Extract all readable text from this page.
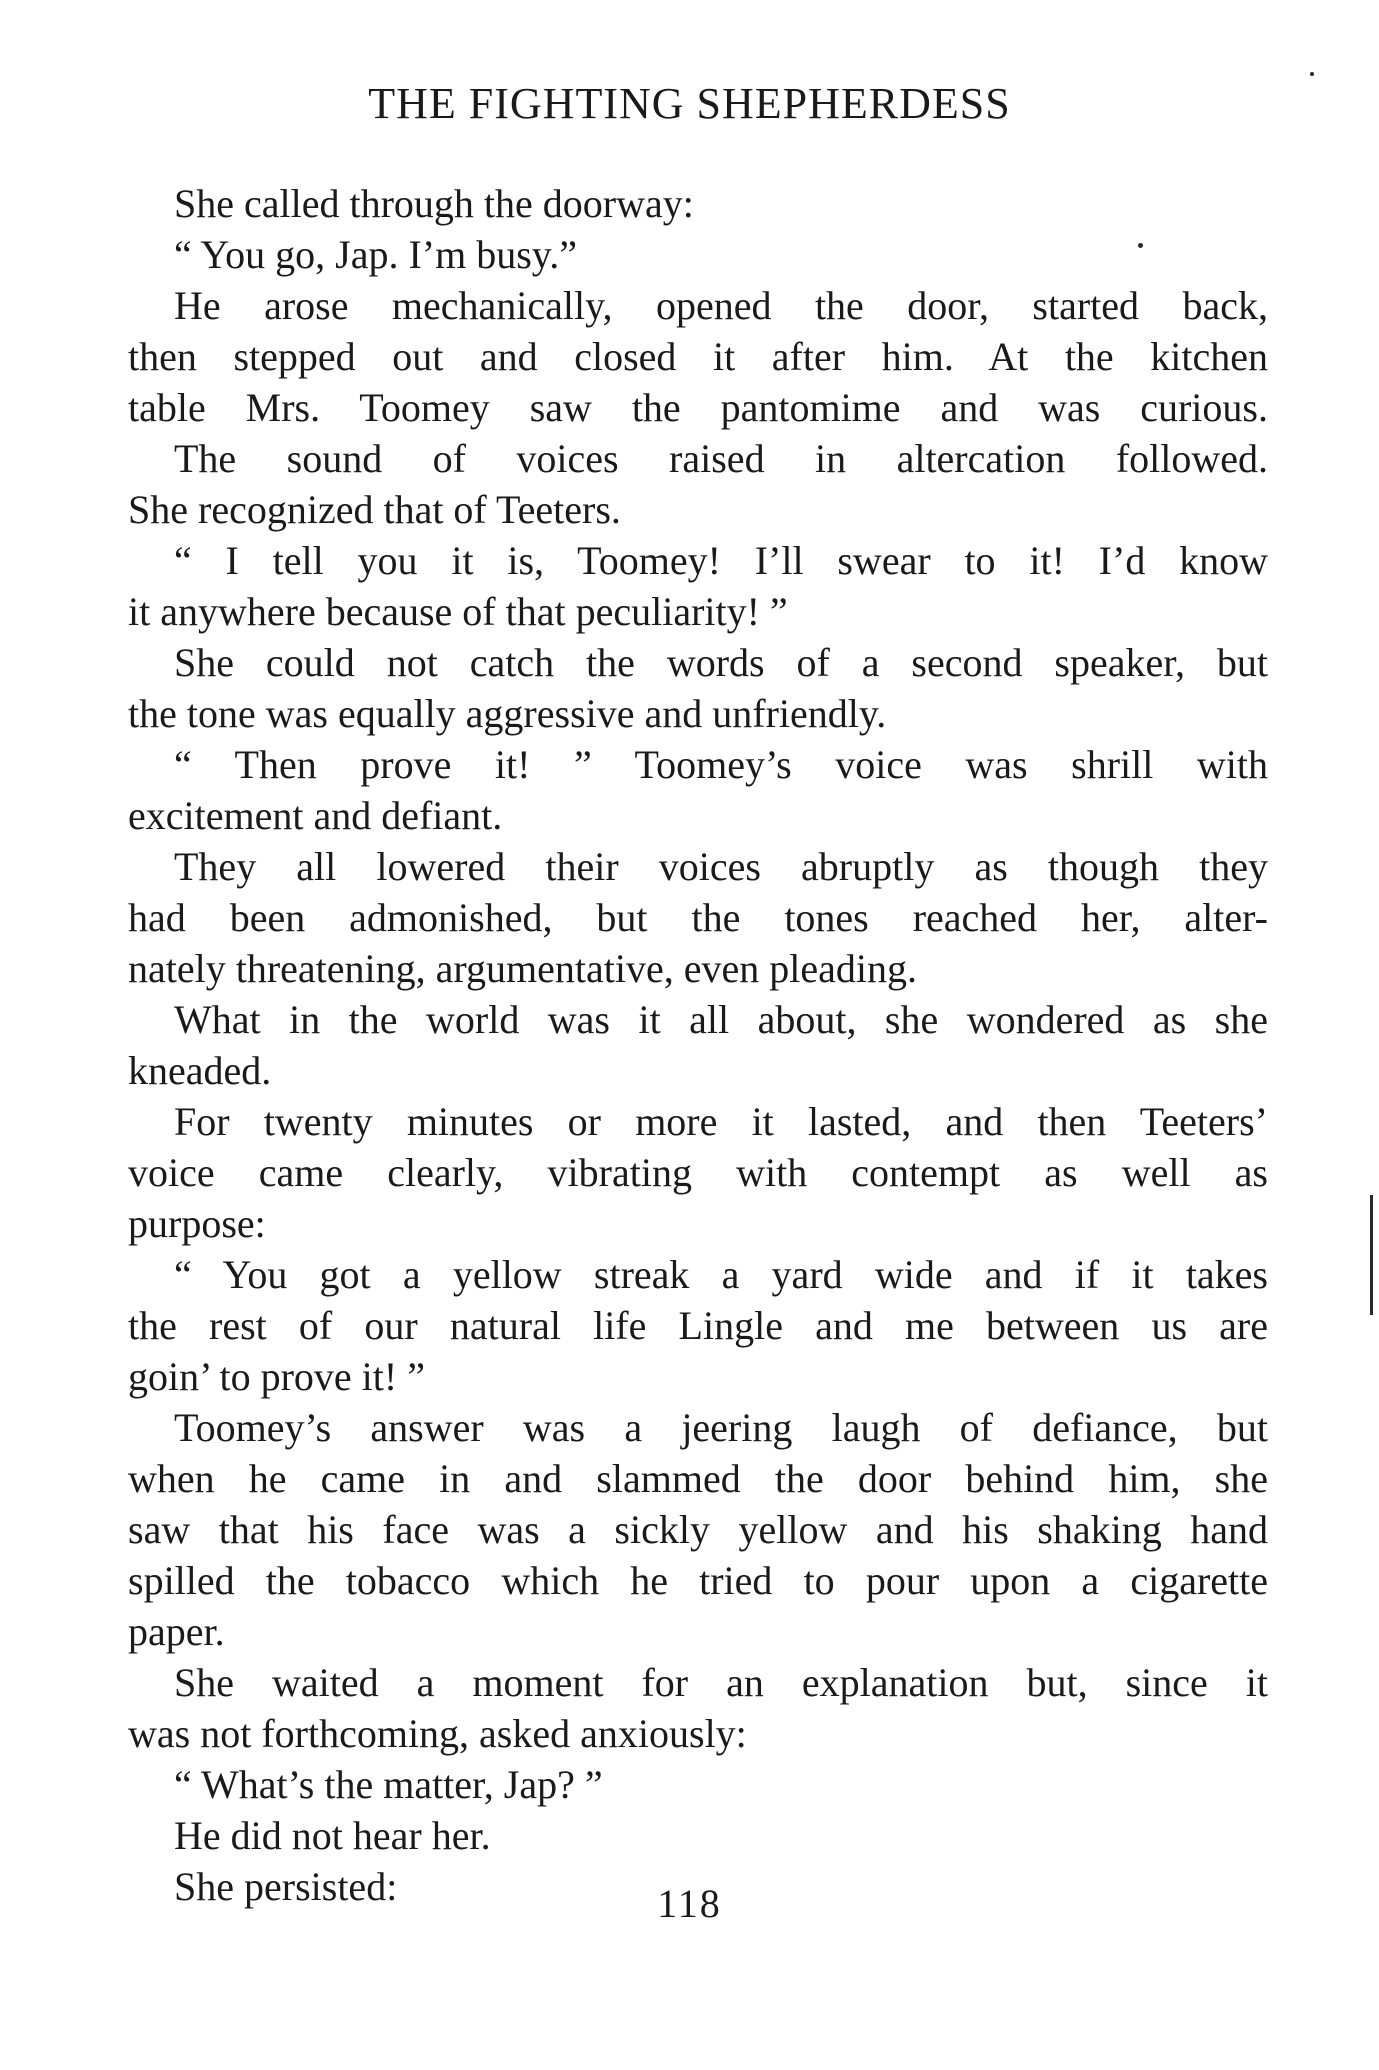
THE FIGHTING SHEPHERDESS
She called through the doorway:
“ You go, Jap. I’m busy.”
He arose mechanically, opened the door, started back,
then stepped out and closed it after him. At the kitchen
table Mrs. Toomey saw the pantomime and was curious.
The sound of voices raised in altercation followed.
She recognized that of Teeters.
“ I tell you it is, Toomey! I’ll swear to it! I’d know
it anywhere because of that peculiarity! ”
She could not catch the words of a second speaker, but
the tone was equally aggressive and unfriendly.
“ Then prove it! ” Toomey’s voice was shrill with
excitement and defiant.
They all lowered their voices abruptly as though they
had been admonished, but the tones reached her, alter-
nately threatening, argumentative, even pleading.
What in the world was it all about, she wondered as she
kneaded.
For twenty minutes or more it lasted, and then Teeters’
voice came clearly, vibrating with contempt as well as
purpose:
“ You got a yellow streak a yard wide and if it takes
the rest of our natural life Lingle and me between us are
goin’ to prove it! ”
Toomey’s answer was a jeering laugh of defiance, but
when he came in and slammed the door behind him, she
saw that his face was a sickly yellow and his shaking hand
spilled the tobacco which he tried to pour upon a cigarette
paper.
She waited a moment for an explanation but, since it
was not forthcoming, asked anxiously:
“ What’s the matter, Jap? ”
He did not hear her.
She persisted:	118
